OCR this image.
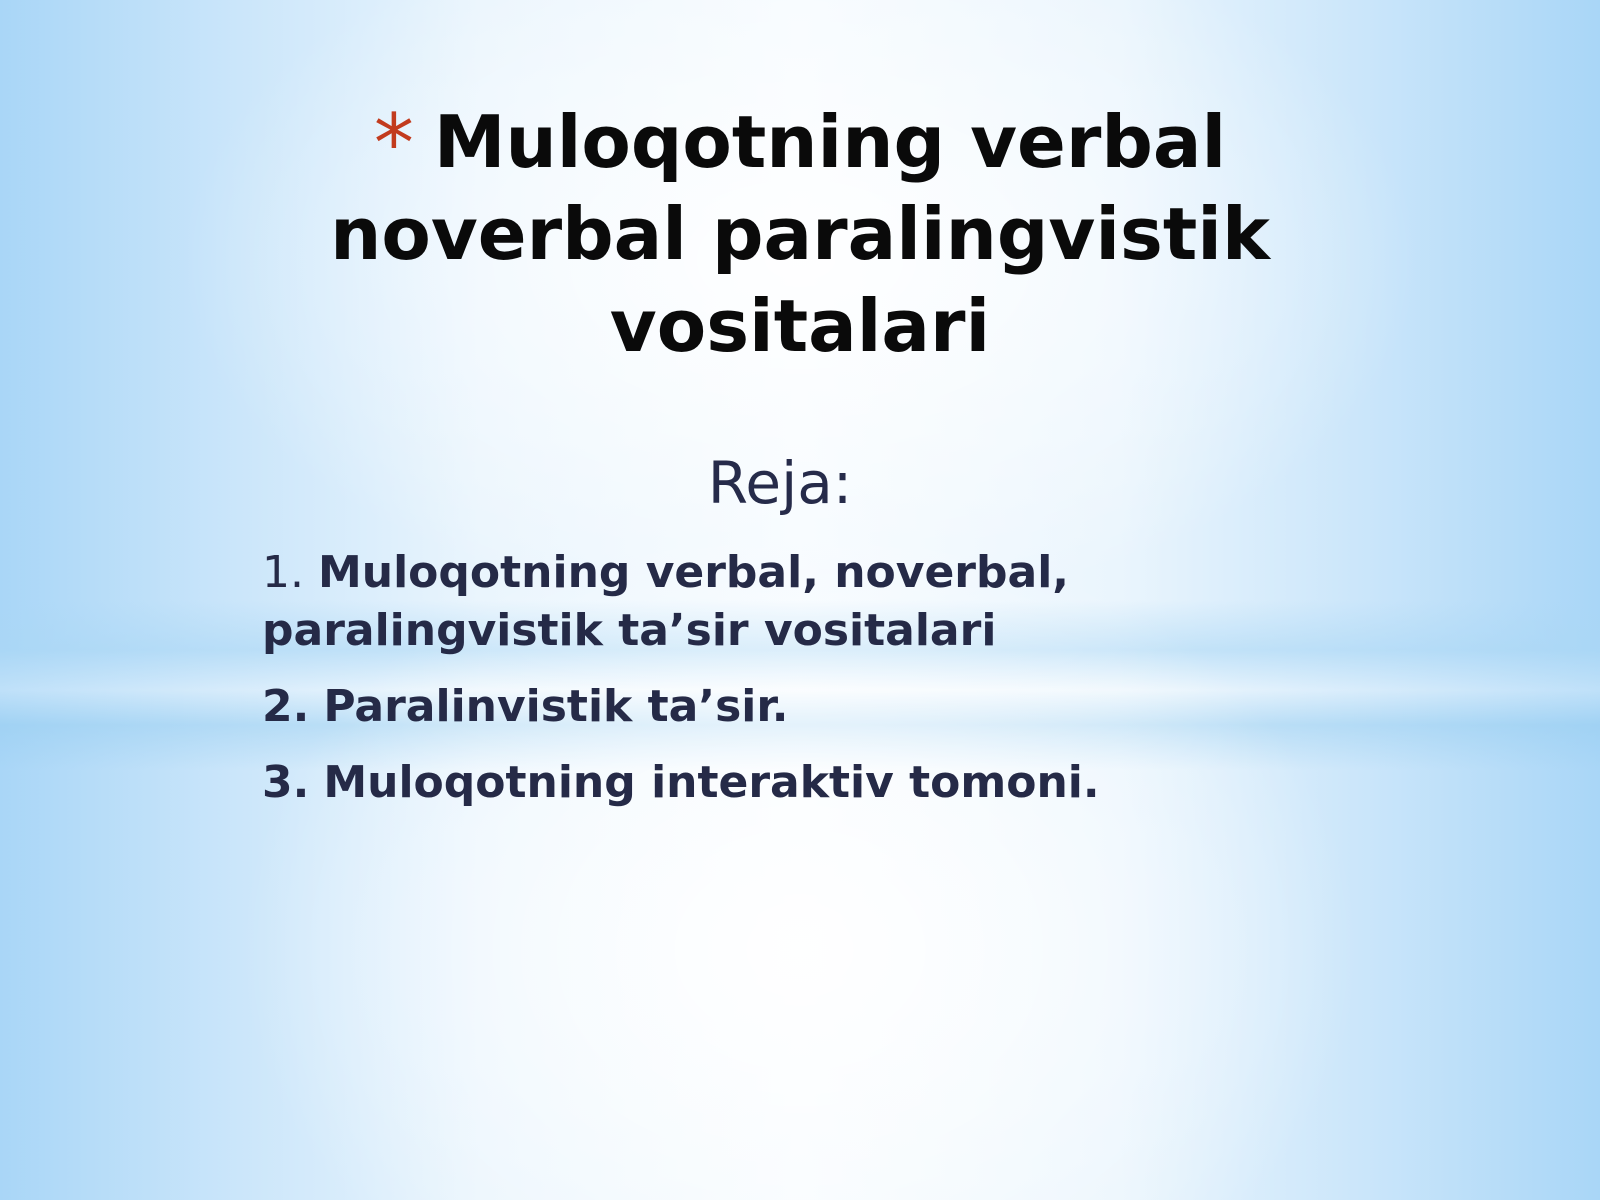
* Muloqotning verbal
noverbal paralingvistik
vositalari
Reja:
1. Muloqotning verbal, noverbal, paralingvistik ta’sir vositalari
2. Paralinvistik ta’sir.
3. Muloqotning interaktiv tomoni.
